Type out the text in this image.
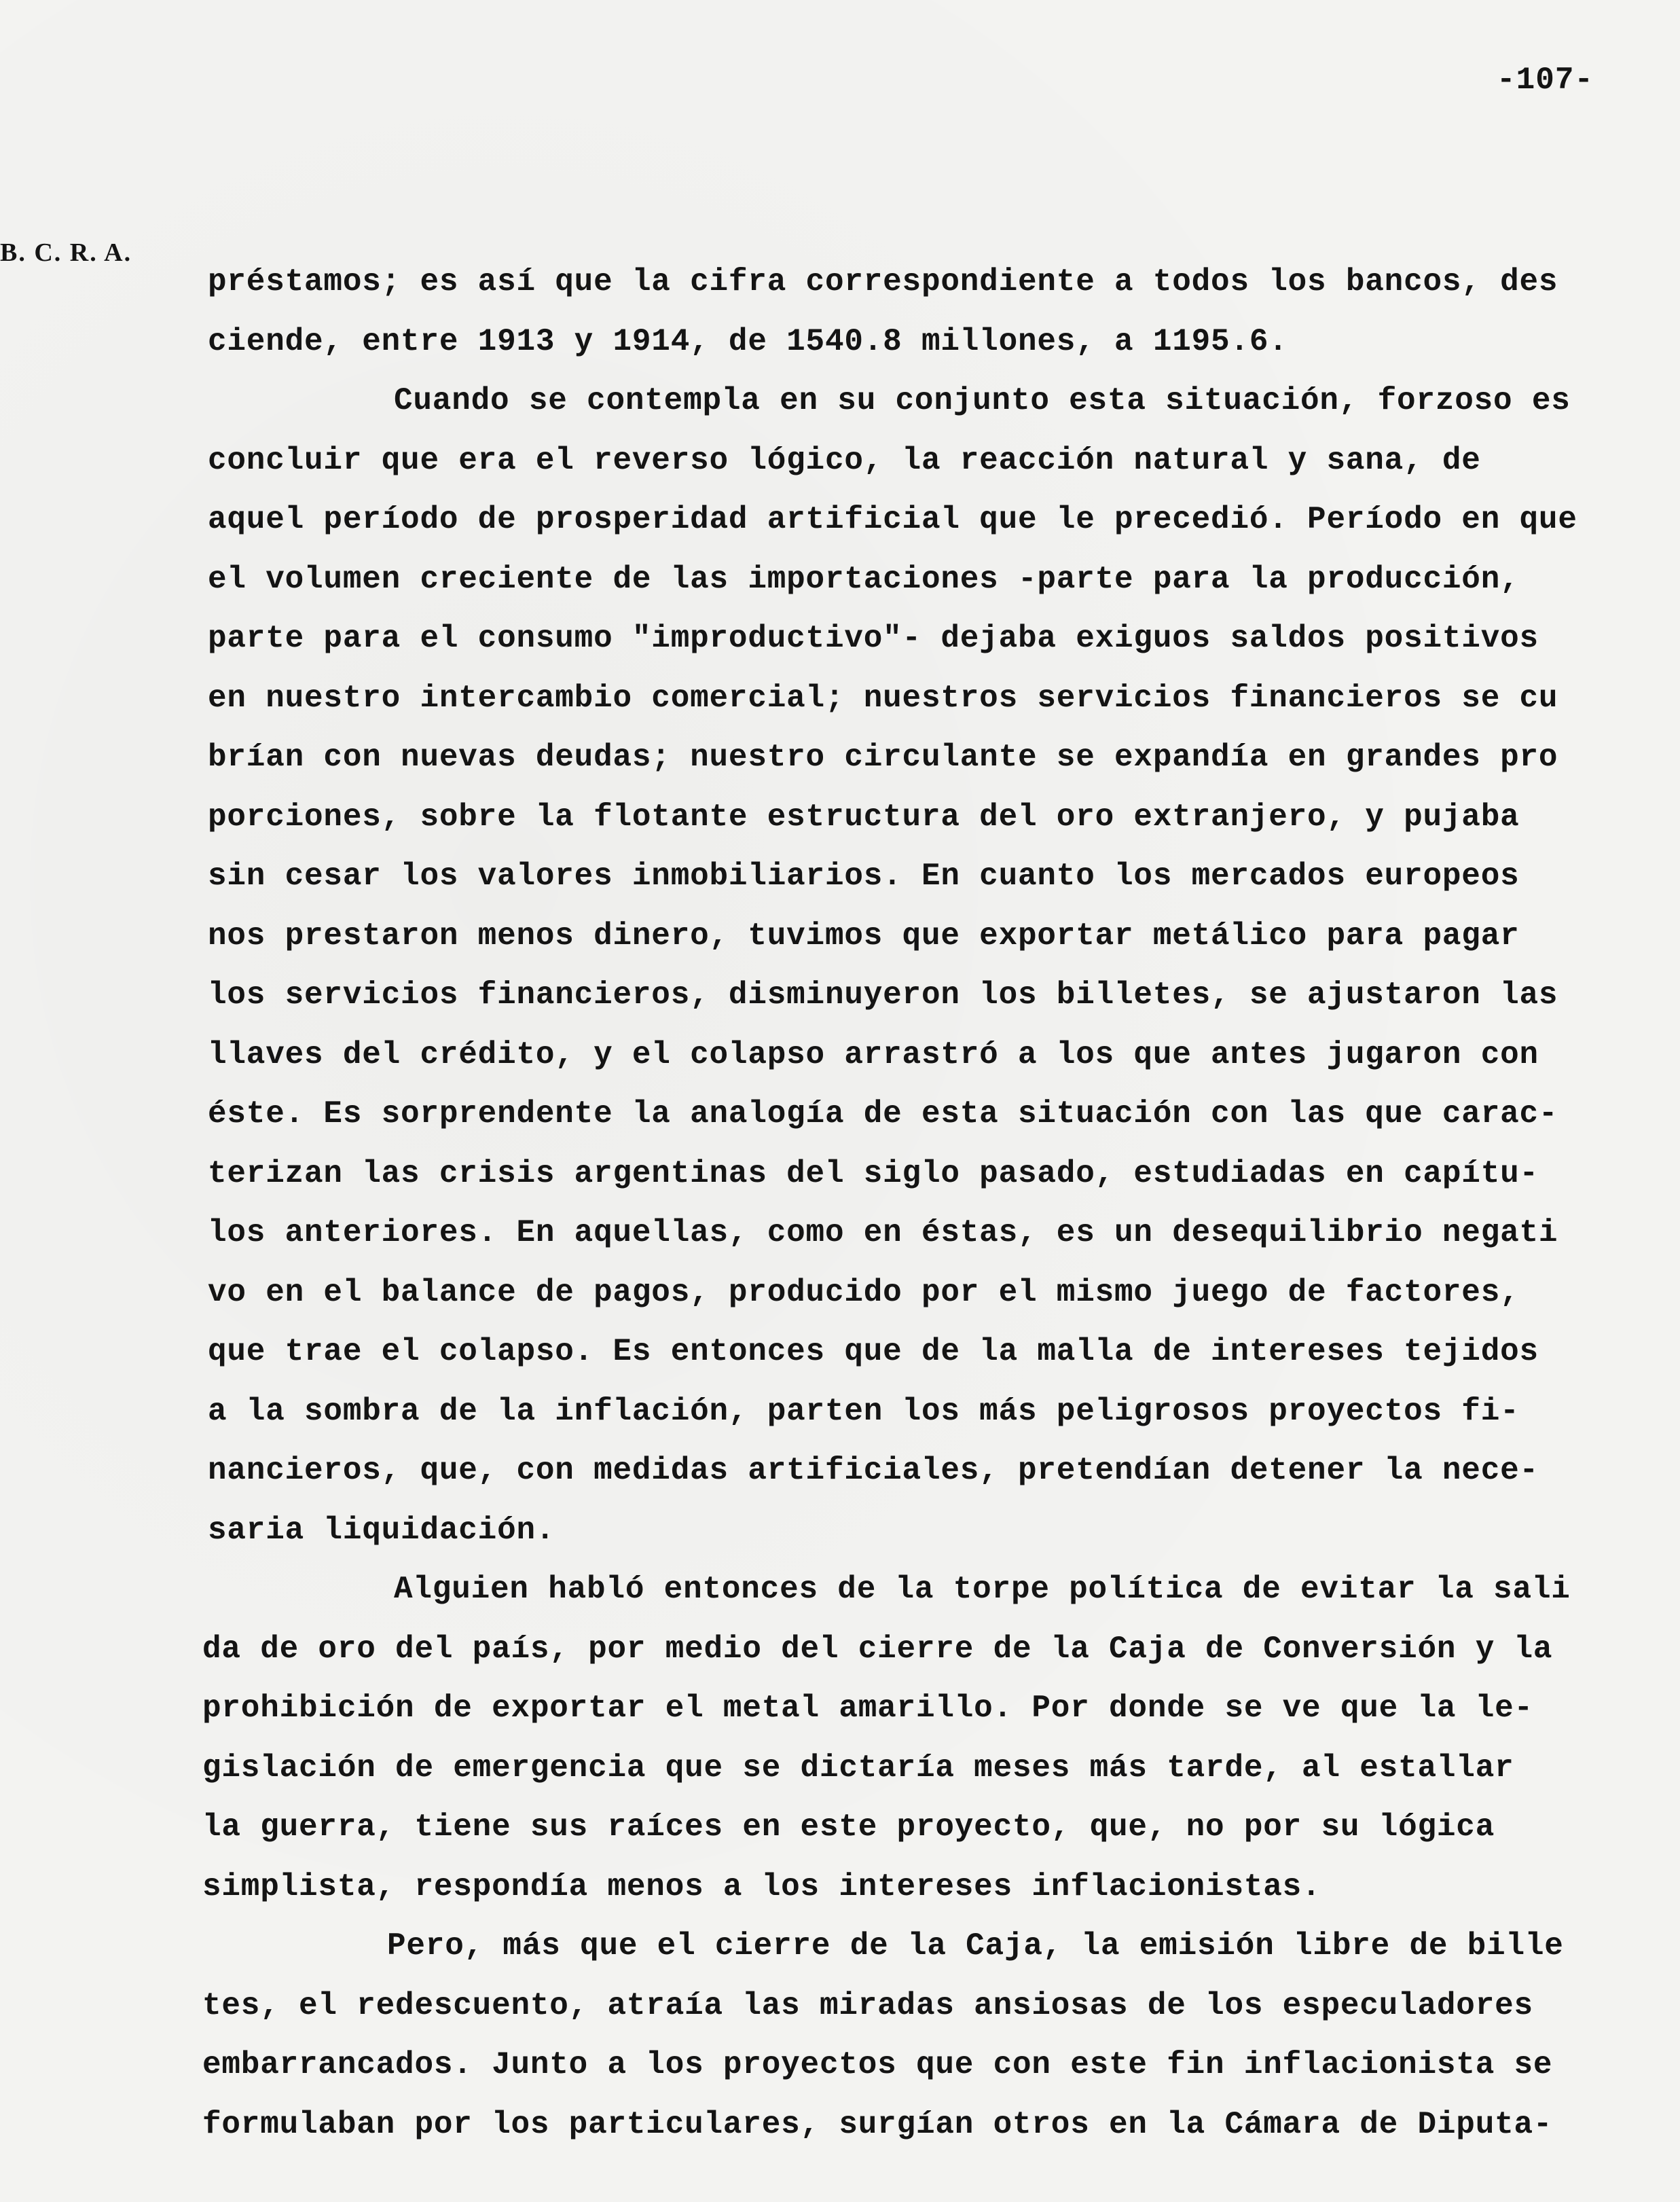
-107-
B. C. R. A.
préstamos; es así que la cifra correspondiente a todos los bancos, des
ciende, entre 1913 y 1914, de 1540.8 millones, a 1195.6.
Cuando se contempla en su conjunto esta situación, forzoso es
concluir que era el reverso lógico, la reacción natural y sana, de
aquel período de prosperidad artificial que le precedió. Período en que
el volumen creciente de las importaciones -parte para la producción,
parte para el consumo "improductivo"- dejaba exiguos saldos positivos
en nuestro intercambio comercial; nuestros servicios financieros se cu
brían con nuevas deudas; nuestro circulante se expandía en grandes pro
porciones, sobre la flotante estructura del oro extranjero, y pujaba
sin cesar los valores inmobiliarios. En cuanto los mercados europeos
nos prestaron menos dinero, tuvimos que exportar metálico para pagar
los servicios financieros, disminuyeron los billetes, se ajustaron las
llaves del crédito, y el colapso arrastró a los que antes jugaron con
éste. Es sorprendente la analogía de esta situación con las que carac-
terizan las crisis argentinas del siglo pasado, estudiadas en capítu-
los anteriores. En aquellas, como en éstas, es un desequilibrio negati
vo en el balance de pagos, producido por el mismo juego de factores,
que trae el colapso. Es entonces que de la malla de intereses tejidos
a la sombra de la inflación, parten los más peligrosos proyectos fi-
nancieros, que, con medidas artificiales, pretendían detener la nece-
saria liquidación.
Alguien habló entonces de la torpe política de evitar la sali
da de oro del país, por medio del cierre de la Caja de Conversión y la
prohibición de exportar el metal amarillo. Por donde se ve que la le-
gislación de emergencia que se dictaría meses más tarde, al estallar
la guerra, tiene sus raíces en este proyecto, que, no por su lógica
simplista, respondía menos a los intereses inflacionistas.
Pero, más que el cierre de la Caja, la emisión libre de bille
tes, el redescuento, atraía las miradas ansiosas de los especuladores
embarrancados. Junto a los proyectos que con este fin inflacionista se
formulaban por los particulares, surgían otros en la Cámara de Diputa-
